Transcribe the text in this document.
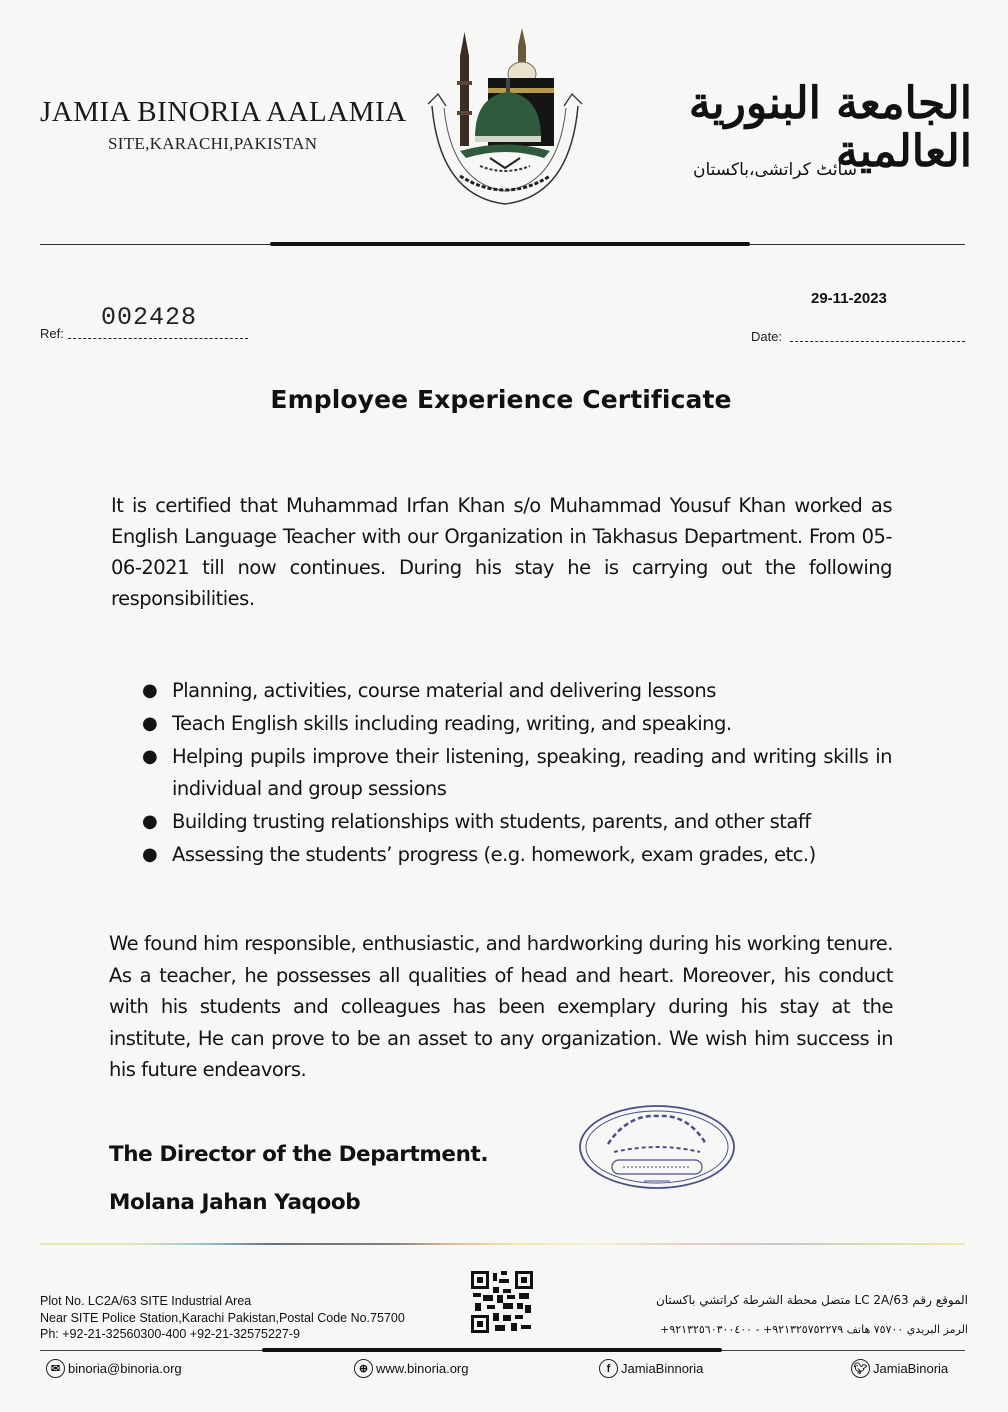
JAMIA BINORIA AALAMIA
SITE,KARACHI,PAKISTAN
الجامعة البنورية العالمية
سائٹ کراتشی،باکستان
Ref:
002428
29-11-2023
Date:
Employee Experience Certificate
It is certified that Muhammad Irfan Khan s/o Muhammad Yousuf Khan worked as English Language Teacher with our Organization in Takhasus Department. From 05-06-2021 till now continues. During his stay he is carrying out the following responsibilities.
● Planning, activities, course material and delivering lessons
● Teach English skills including reading, writing, and speaking.
● Helping pupils improve their listening, speaking, reading and writing skills in individual and group sessions
● Building trusting relationships with students, parents, and other staff
● Assessing the students’ progress (e.g. homework, exam grades, etc.)
We found him responsible, enthusiastic, and hardworking during his working tenure. As a teacher, he possesses all qualities of head and heart. Moreover, his conduct with his students and colleagues has been exemplary during his stay at the institute, He can prove to be an asset to any organization. We wish him success in his future endeavors.
The Director of the Department.
Molana Jahan Yaqoob
Plot No. LC2A/63 SITE Industrial Area
Near SITE Police Station,Karachi Pakistan,Postal Code No.75700
Ph: +92-21-32560300-400 +92-21-32575227-9
الموقع رقم LC 2A/63 متصل محطة الشرطة كراتشي باكستان
الرمز البريدي ٧٥٧٠٠ هاتف ٩٢١٣٢٥٧٥٢٢٧٩+ - ٩٢١٣٢٥٦٠٣٠٠٤٠٠+
✉ binoria@binoria.org	⊕ www.binoria.org	f JamiaBinnoria	🐦︎ JamiaBinoria
